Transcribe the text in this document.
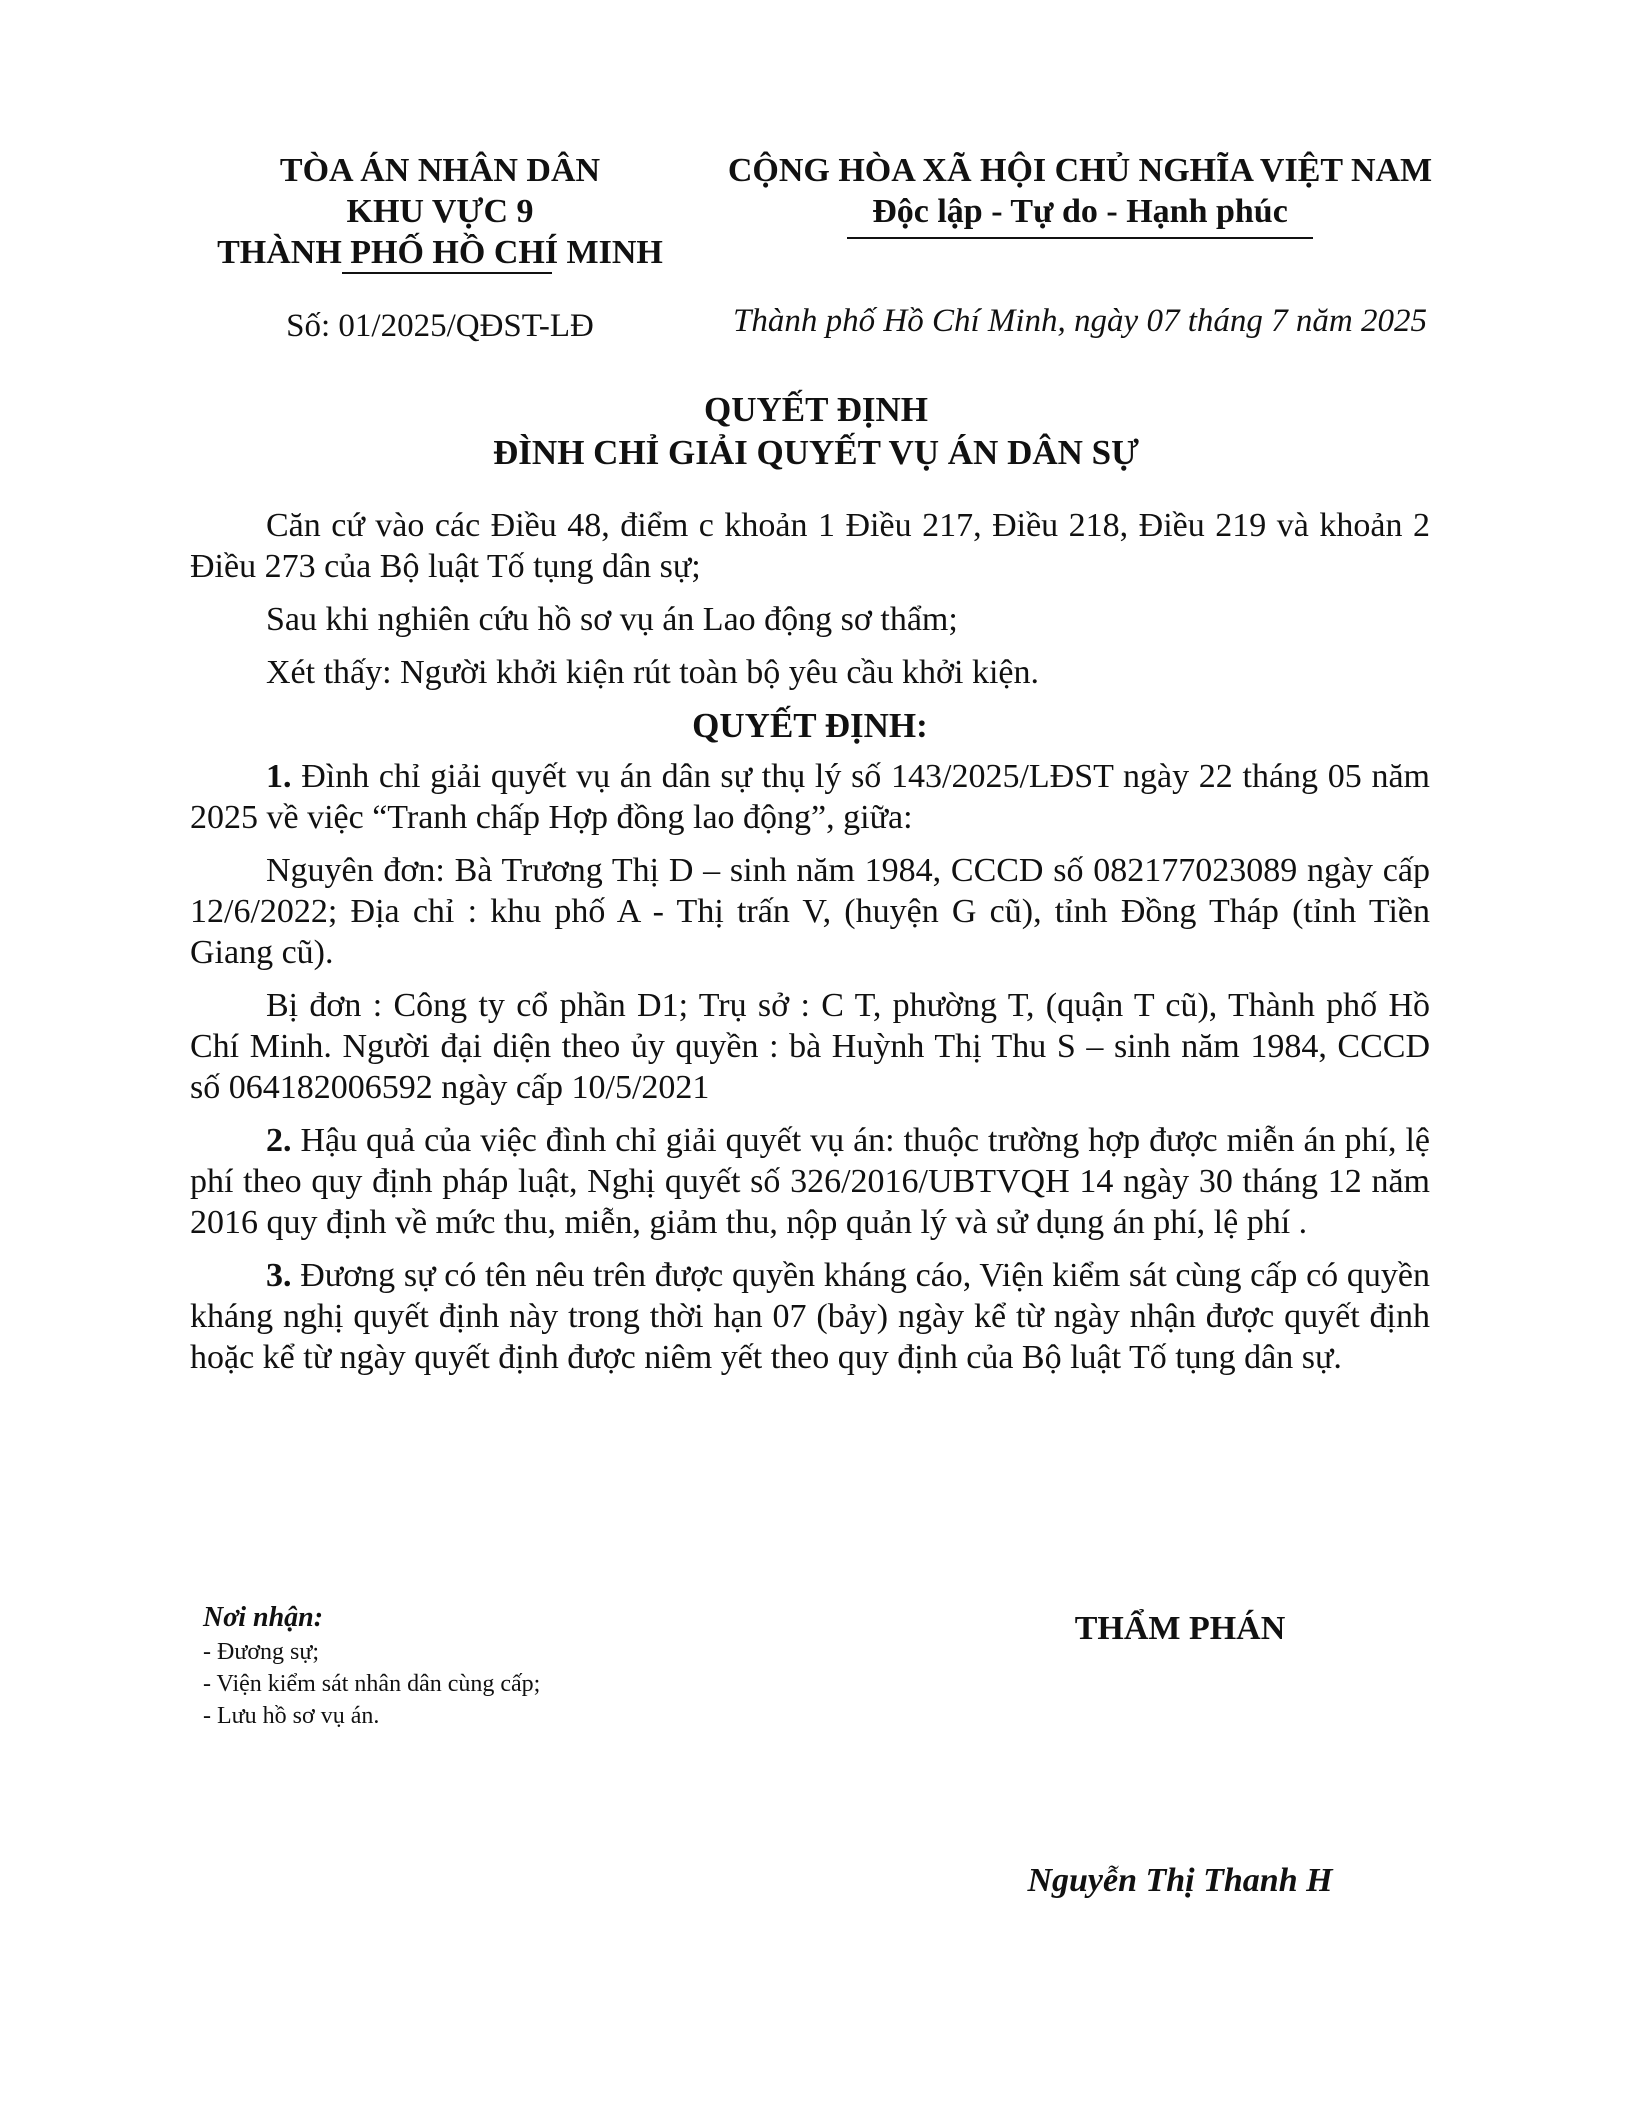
TÒA ÁN NHÂN DÂN
KHU VỰC 9
THÀNH PHỐ HỒ CHÍ MINH
CỘNG HÒA XÃ HỘI CHỦ NGHĨA VIỆT NAM
Độc lập - Tự do - Hạnh phúc
Số: 01/2025/QĐST-LĐ	Thành phố Hồ Chí Minh, ngày 07 tháng 7 năm 2025
QUYẾT ĐỊNH
ĐÌNH CHỈ GIẢI QUYẾT VỤ ÁN DÂN SỰ

Căn cứ vào các Điều 48, điểm c khoản 1 Điều 217, Điều 218, Điều 219 và khoản 2 Điều 273 của Bộ luật Tố tụng dân sự;

Sau khi nghiên cứu hồ sơ vụ án Lao động sơ thẩm;

Xét thấy: Người khởi kiện rút toàn bộ yêu cầu khởi kiện.

QUYẾT ĐỊNH:

1. Đình chỉ giải quyết vụ án dân sự thụ lý số 143/2025/LĐST ngày 22 tháng 05 năm 2025 về việc “Tranh chấp Hợp đồng lao động”, giữa:

Nguyên đơn: Bà Trương Thị D – sinh năm 1984, CCCD số 082177023089 ngày cấp 12/6/2022; Địa chỉ : khu phố A - Thị trấn V, (huyện G cũ), tỉnh Đồng Tháp (tỉnh Tiền Giang cũ).

Bị đơn : Công ty cổ phần D1; Trụ sở : C T, phường T, (quận T cũ), Thành phố Hồ Chí Minh. Người đại diện theo ủy quyền : bà Huỳnh Thị Thu S – sinh năm 1984, CCCD số 064182006592 ngày cấp 10/5/2021

2. Hậu quả của việc đình chỉ giải quyết vụ án: thuộc trường hợp được miễn án phí, lệ phí theo quy định pháp luật, Nghị quyết số 326/2016/UBTVQH 14 ngày 30 tháng 12 năm 2016 quy định về mức thu, miễn, giảm thu, nộp quản lý và sử dụng án phí, lệ phí .

3. Đương sự có tên nêu trên được quyền kháng cáo, Viện kiểm sát cùng cấp có quyền kháng nghị quyết định này trong thời hạn 07 (bảy) ngày kể từ ngày nhận được quyết định hoặc kể từ ngày quyết định được niêm yết theo quy định của Bộ luật Tố tụng dân sự.

Nơi nhận:
- Đương sự;
- Viện kiểm sát nhân dân cùng cấp;
- Lưu hồ sơ vụ án.
THẨM PHÁN
Nguyễn Thị Thanh H
